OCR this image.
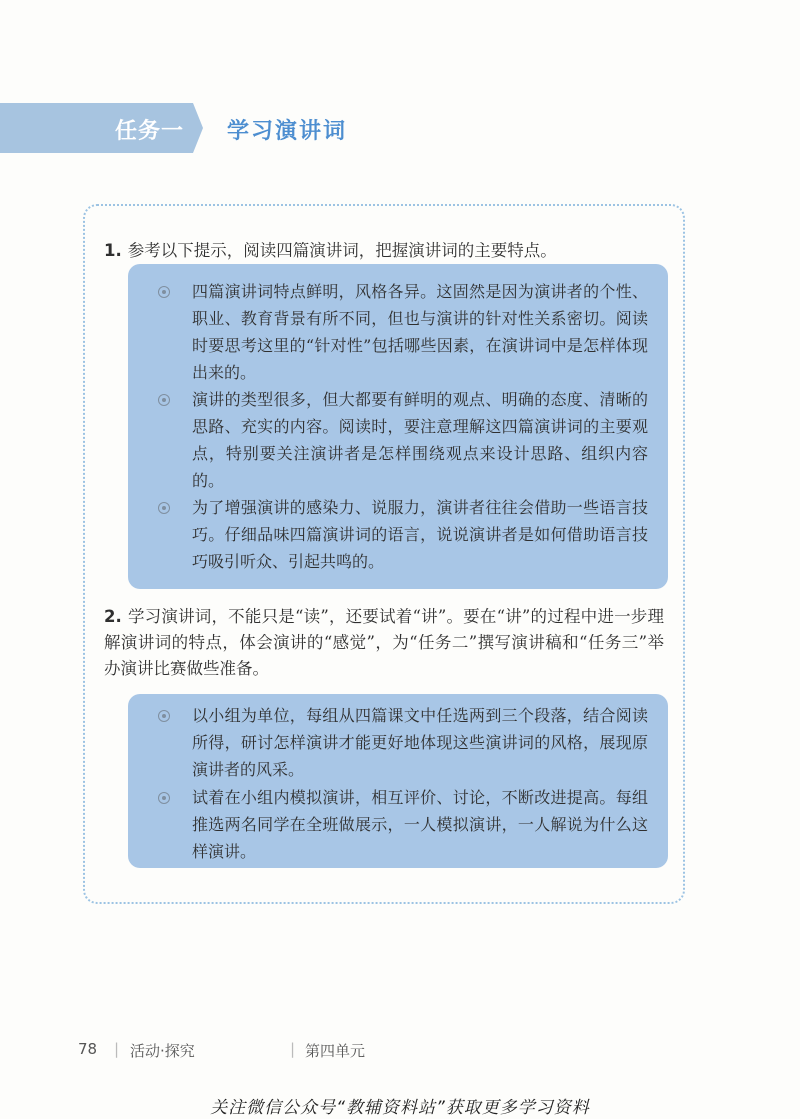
任务一 学习演讲词
1. 参考以下提示，阅读四篇演讲词，把握演讲词的主要特点。
四篇演讲词特点鲜明，风格各异。这固然是因为演讲者的个性、职业、教育背景有所不同，但也与演讲的针对性关系密切。阅读时要思考这里的“针对性”包括哪些因素，在演讲词中是怎样体现出来的。
演讲的类型很多，但大都要有鲜明的观点、明确的态度、清晰的思路、充实的内容。阅读时，要注意理解这四篇演讲词的主要观点，特别要关注演讲者是怎样围绕观点来设计思路、组织内容的。
为了增强演讲的感染力、说服力，演讲者往往会借助一些语言技巧。仔细品味四篇演讲词的语言，说说演讲者是如何借助语言技巧吸引听众、引起共鸣的。
2. 学习演讲词，不能只是“读”，还要试着“讲”。要在“讲”的过程中进一步理解演讲词的特点，体会演讲的“感觉”，为“任务二”撰写演讲稿和“任务三”举办演讲比赛做些准备。
以小组为单位，每组从四篇课文中任选两到三个段落，结合阅读所得，研讨怎样演讲才能更好地体现这些演讲词的风格，展现原演讲者的风采。
试着在小组内模拟演讲，相互评价、讨论，不断改进提高。每组推选两名同学在全班做展示，一人模拟演讲，一人解说为什么这样演讲。
78 | 活动·探究	| 第四单元
关注微信公众号“教辅资料站”获取更多学习资料
